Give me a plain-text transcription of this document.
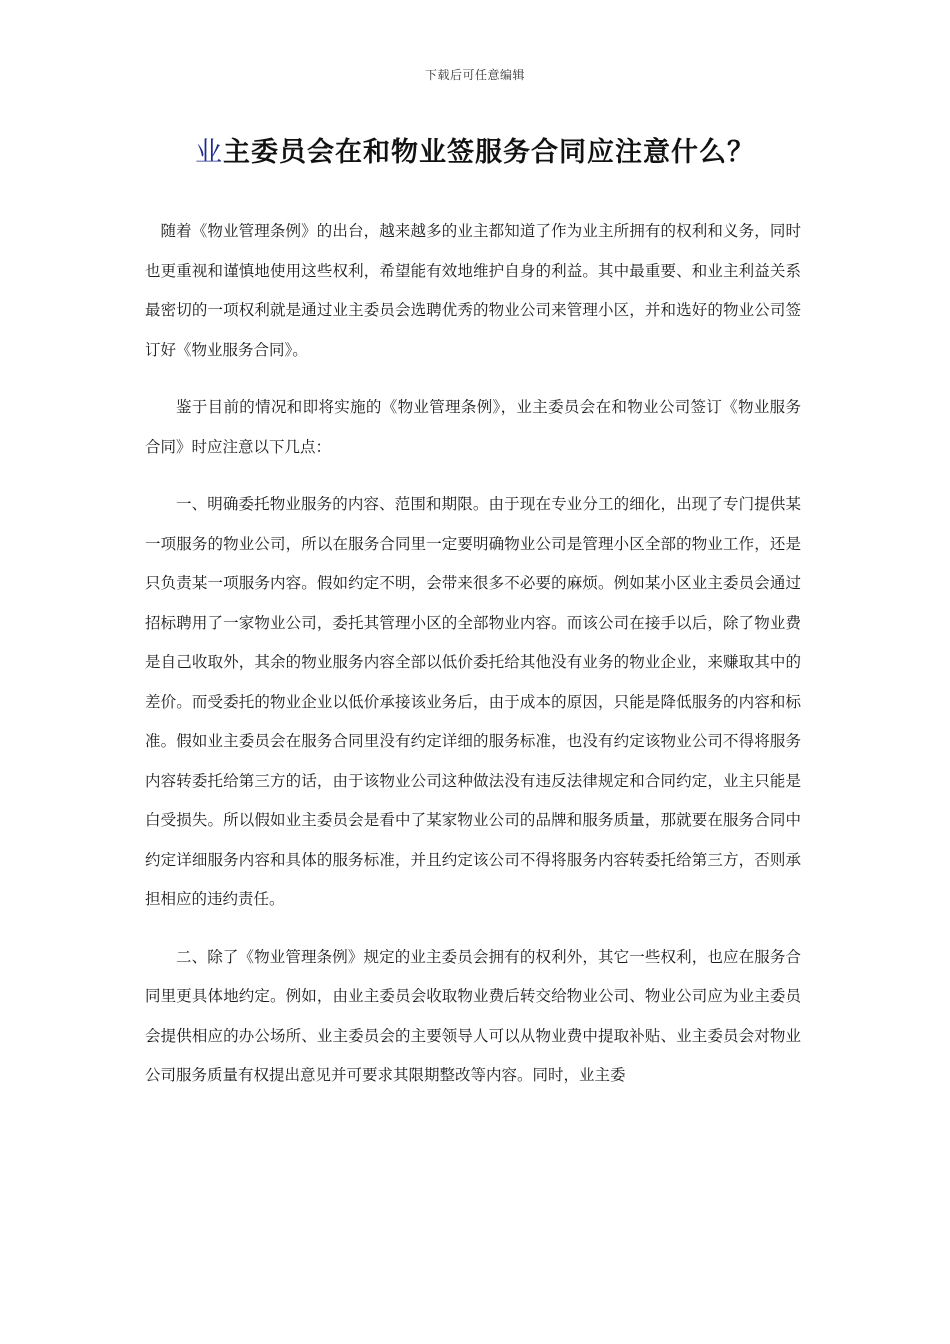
下载后可任意编辑
业主委员会在和物业签服务合同应注意什么？

随着《物业管理条例》的出台，越来越多的业主都知道了作为业主所拥有的权利和义务，同时也更重视和谨慎地使用这些权利，希望能有效地维护自身的利益。其中最重要、和业主利益关系最密切的一项权利就是通过业主委员会选聘优秀的物业公司来管理小区，并和选好的物业公司签订好《物业服务合同》。

鉴于目前的情况和即将实施的《物业管理条例》，业主委员会在和物业公司签订《物业服务合同》时应注意以下几点：

一、明确委托物业服务的内容、范围和期限。由于现在专业分工的细化，出现了专门提供某一项服务的物业公司，所以在服务合同里一定要明确物业公司是管理小区全部的物业工作，还是只负责某一项服务内容。假如约定不明，会带来很多不必要的麻烦。例如某小区业主委员会通过招标聘用了一家物业公司，委托其管理小区的全部物业内容。而该公司在接手以后，除了物业费是自己收取外，其余的物业服务内容全部以低价委托给其他没有业务的物业企业，来赚取其中的差价。而受委托的物业企业以低价承接该业务后，由于成本的原因，只能是降低服务的内容和标准。假如业主委员会在服务合同里没有约定详细的服务标准，也没有约定该物业公司不得将服务内容转委托给第三方的话，由于该物业公司这种做法没有违反法律规定和合同约定，业主只能是白受损失。所以假如业主委员会是看中了某家物业公司的品牌和服务质量，那就要在服务合同中约定详细服务内容和具体的服务标准，并且约定该公司不得将服务内容转委托给第三方，否则承担相应的违约责任。

二、除了《物业管理条例》规定的业主委员会拥有的权利外，其它一些权利，也应在服务合同里更具体地约定。例如，由业主委员会收取物业费后转交给物业公司、物业公司应为业主委员会提供相应的办公场所、业主委员会的主要领导人可以从物业费中提取补贴、业主委员会对物业公司服务质量有权提出意见并可要求其限期整改等内容。同时，业主委
